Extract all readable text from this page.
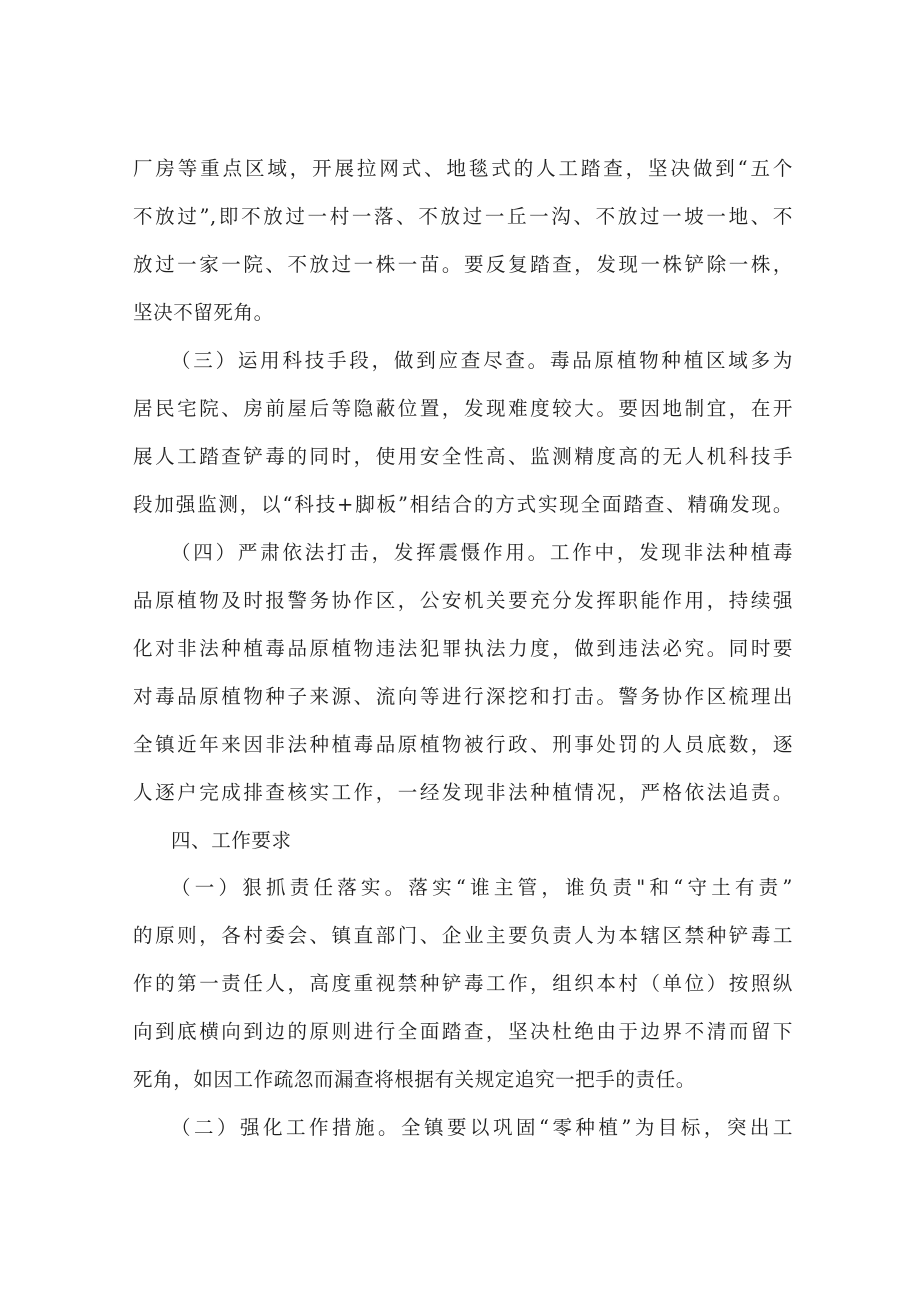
厂房等重点区域，开展拉网式、地毯式的人工踏查，坚决做到“五个

不放过”,即不放过一村一落、不放过一丘一沟、不放过一坡一地、不

放过一家一院、不放过一株一苗。要反复踏查，发现一株铲除一株，

坚决不留死角。

（三）运用科技手段，做到应查尽查。毒品原植物种植区域多为

居民宅院、房前屋后等隐蔽位置，发现难度较大。要因地制宜，在开

展人工踏查铲毒的同时，使用安全性高、监测精度高的无人机科技手

段加强监测，以“科技+脚板”相结合的方式实现全面踏查、精确发现。

（四）严肃依法打击，发挥震慑作用。工作中，发现非法种植毒

品原植物及时报警务协作区，公安机关要充分发挥职能作用，持续强

化对非法种植毒品原植物违法犯罪执法力度，做到违法必究。同时要

对毒品原植物种子来源、流向等进行深挖和打击。警务协作区梳理出

全镇近年来因非法种植毒品原植物被行政、刑事处罚的人员底数，逐

人逐户完成排查核实工作，一经发现非法种植情况，严格依法追责。

四、工作要求

（一）狠抓责任落实。落实“谁主管，谁负责"和“守土有责”

的原则，各村委会、镇直部门、企业主要负责人为本辖区禁种铲毒工

作的第一责任人，高度重视禁种铲毒工作，组织本村（单位）按照纵

向到底横向到边的原则进行全面踏查，坚决杜绝由于边界不清而留下

死角，如因工作疏忽而漏查将根据有关规定追究一把手的责任。

（二）强化工作措施。全镇要以巩固“零种植”为目标，突出工
